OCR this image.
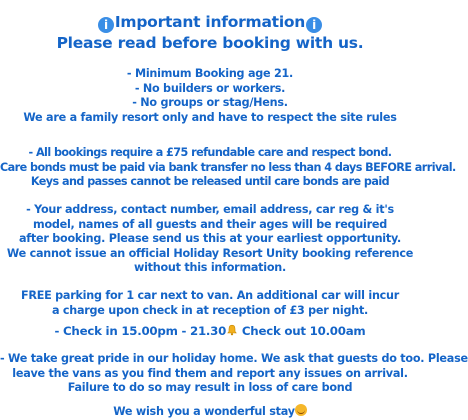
i Important information i
Please read before booking with us.
- Minimum Booking age 21.
- No builders or workers.
- No groups or stag/Hens.
We are a family resort only and have to respect the site rules
- All bookings require a £75 refundable care and respect bond.
Care bonds must be paid via bank transfer no less than 4 days BEFORE arrival.
Keys and passes cannot be released until care bonds are paid
- Your address, contact number, email address, car reg & it's
model, names of all guests and their ages will be required
after booking. Please send us this at your earliest opportunity.
We cannot issue an official Holiday Resort Unity booking reference
without this information.
FREE parking for 1 car next to van. An additional car will incur
a charge upon check in at reception of £3 per night.
- Check in 15.00pm - 21.30 Check out 10.00am
- We take great pride in our holiday home. We ask that guests do too. Please
leave the vans as you find them and report any issues on arrival.
Failure to do so may result in loss of care bond
We wish you a wonderful stay
